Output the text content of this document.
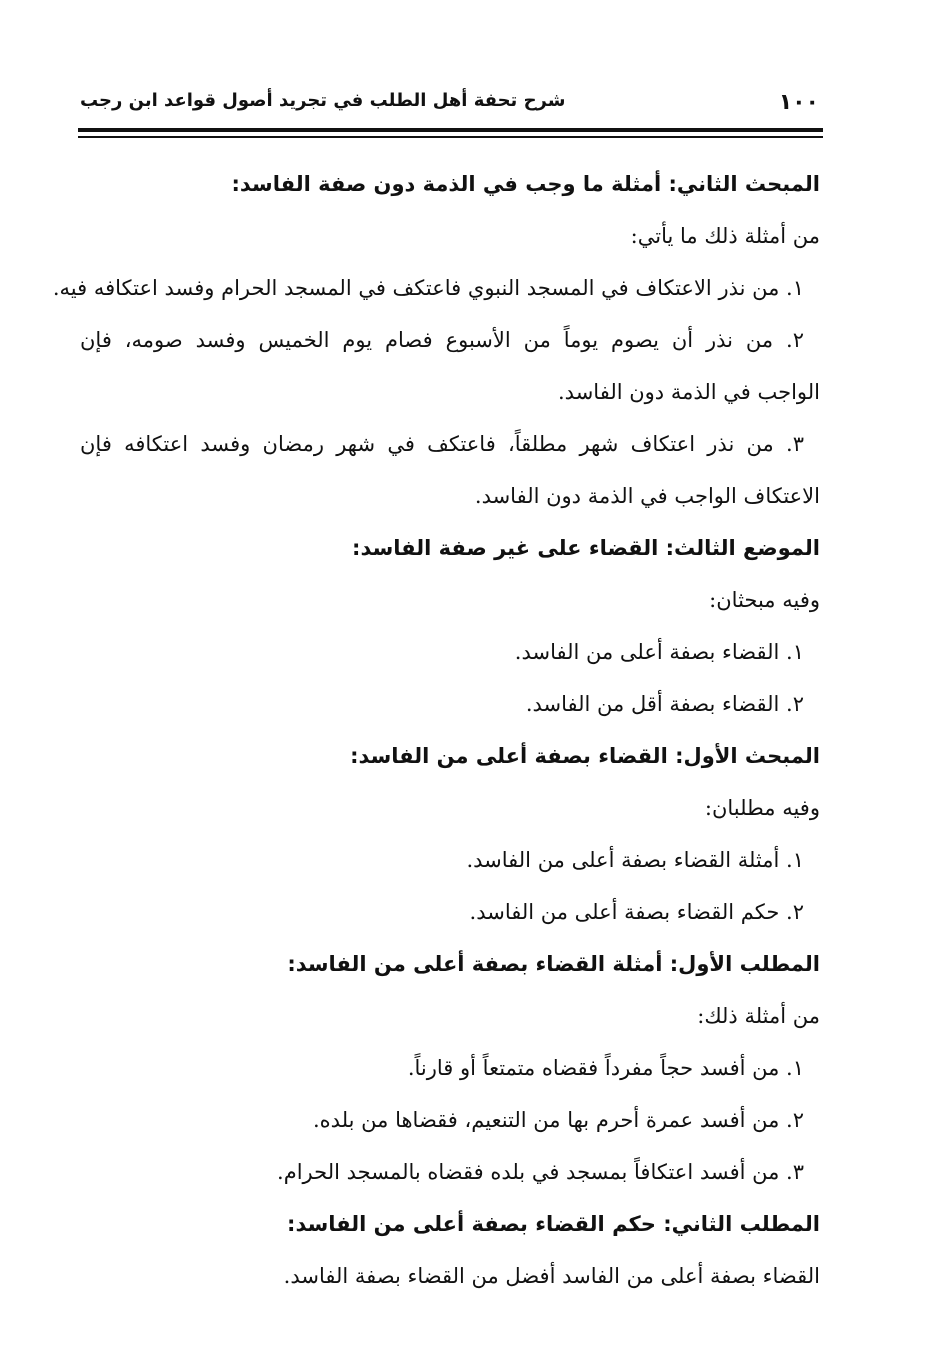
١٠٠
شرح تحفة أهل الطلب في تجريد أصول قواعد ابن رجب
المبحث الثاني: أمثلة ما وجب في الذمة دون صفة الفاسد:
من أمثلة ذلك ما يأتي:
١. من نذر الاعتكاف في المسجد النبوي فاعتكف في المسجد الحرام وفسد اعتكافه فيه.
٢. من نذر أن يصوم يوماً من الأسبوع فصام يوم الخميس وفسد صومه، فإن
الواجب في الذمة دون الفاسد.
٣. من نذر اعتكاف شهر مطلقاً، فاعتكف في شهر رمضان وفسد اعتكافه فإن
الاعتكاف الواجب في الذمة دون الفاسد.
الموضع الثالث: القضاء على غير صفة الفاسد:
وفيه مبحثان:
١. القضاء بصفة أعلى من الفاسد.
٢. القضاء بصفة أقل من الفاسد.
المبحث الأول: القضاء بصفة أعلى من الفاسد:
وفيه مطلبان:
١. أمثلة القضاء بصفة أعلى من الفاسد.
٢. حكم القضاء بصفة أعلى من الفاسد.
المطلب الأول: أمثلة القضاء بصفة أعلى من الفاسد:
من أمثلة ذلك:
١. من أفسد حجاً مفرداً فقضاه متمتعاً أو قارناً.
٢. من أفسد عمرة أحرم بها من التنعيم، فقضاها من بلده.
٣. من أفسد اعتكافاً بمسجد في بلده فقضاه بالمسجد الحرام.
المطلب الثاني: حكم القضاء بصفة أعلى من الفاسد:
القضاء بصفة أعلى من الفاسد أفضل من القضاء بصفة الفاسد.
